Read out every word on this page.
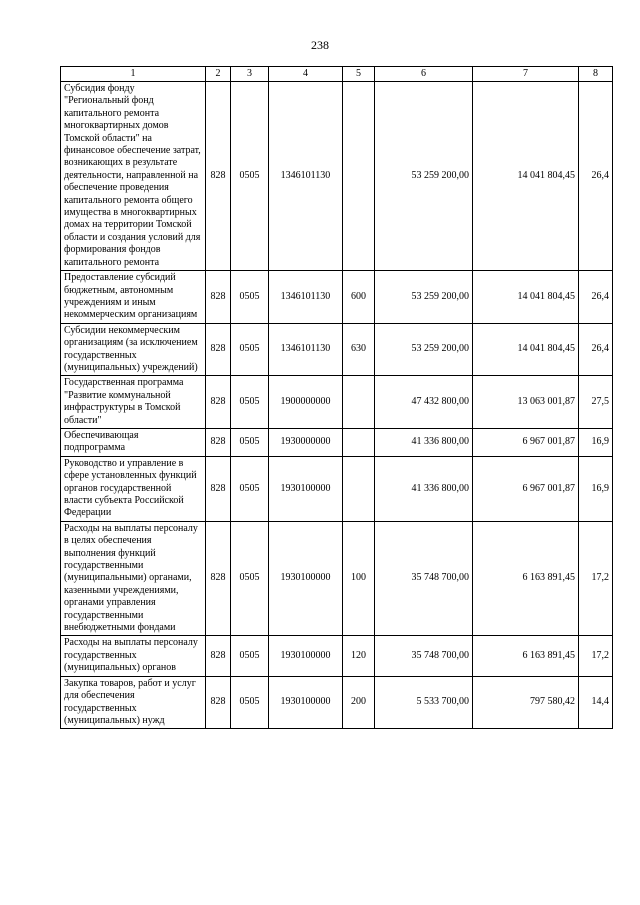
238
1	2	3	4	5	6	7	8
Субсидия фонду "Региональный фонд капитального ремонта многоквартирных домов Томской области" на финансовое обеспечение затрат, возникающих в результате деятельности, направленной на обеспечение проведения капитального ремонта общего имущества в многоквартирных домах на территории Томской области и создания условий для формирования фондов капитального ремонта	828	0505	1346101130		53 259 200,00	14 041 804,45	26,4
Предоставление субсидий бюджетным, автономным учреждениям и иным некоммерческим организациям	828	0505	1346101130	600	53 259 200,00	14 041 804,45	26,4
Субсидии некоммерческим организациям (за исключением государственных (муниципальных) учреждений)	828	0505	1346101130	630	53 259 200,00	14 041 804,45	26,4
Государственная программа "Развитие коммунальной инфраструктуры в Томской области"	828	0505	1900000000		47 432 800,00	13 063 001,87	27,5
Обеспечивающая подпрограмма	828	0505	1930000000		41 336 800,00	6 967 001,87	16,9
Руководство и управление в сфере установленных функций органов государственной власти субъекта Российской Федерации	828	0505	1930100000		41 336 800,00	6 967 001,87	16,9
Расходы на выплаты персоналу в целях обеспечения выполнения функций государственными (муниципальными) органами, казенными учреждениями, органами управления государственными внебюджетными фондами	828	0505	1930100000	100	35 748 700,00	6 163 891,45	17,2
Расходы на выплаты персоналу государственных (муниципальных) органов	828	0505	1930100000	120	35 748 700,00	6 163 891,45	17,2
Закупка товаров, работ и услуг для обеспечения государственных (муниципальных) нужд	828	0505	1930100000	200	5 533 700,00	797 580,42	14,4
